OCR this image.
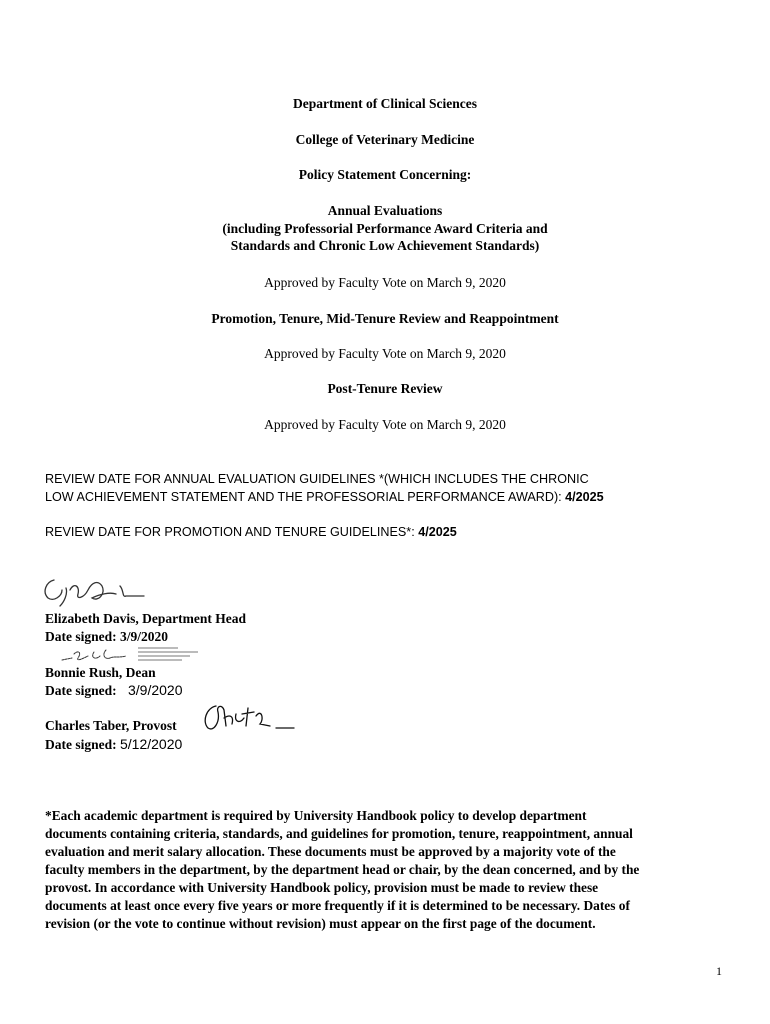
Department of Clinical Sciences
College of Veterinary Medicine
Policy Statement Concerning:
Annual Evaluations
(including Professorial Performance Award Criteria and
Standards and Chronic Low Achievement Standards)
Approved by Faculty Vote on March 9, 2020
Promotion, Tenure, Mid-Tenure Review and Reappointment
Approved by Faculty Vote on March 9, 2020
Post-Tenure Review
Approved by Faculty Vote on March 9, 2020
REVIEW DATE FOR ANNUAL EVALUATION GUIDELINES *(WHICH INCLUDES THE CHRONIC
LOW ACHIEVEMENT STATEMENT AND THE PROFESSORIAL PERFORMANCE AWARD): 4/2025
REVIEW DATE FOR PROMOTION AND TENURE GUIDELINES*: 4/2025
Elizabeth Davis, Department Head
Date signed: 3/9/2020
Bonnie Rush, Dean
Date signed: 3/9/2020
Charles Taber, Provost
Date signed: 5/12/2020
*Each academic department is required by University Handbook policy to develop department
documents containing criteria, standards, and guidelines for promotion, tenure, reappointment, annual
evaluation and merit salary allocation. These documents must be approved by a majority vote of the
faculty members in the department, by the department head or chair, by the dean concerned, and by the
provost. In accordance with University Handbook policy, provision must be made to review these
documents at least once every five years or more frequently if it is determined to be necessary. Dates of
revision (or the vote to continue without revision) must appear on the first page of the document.
1
